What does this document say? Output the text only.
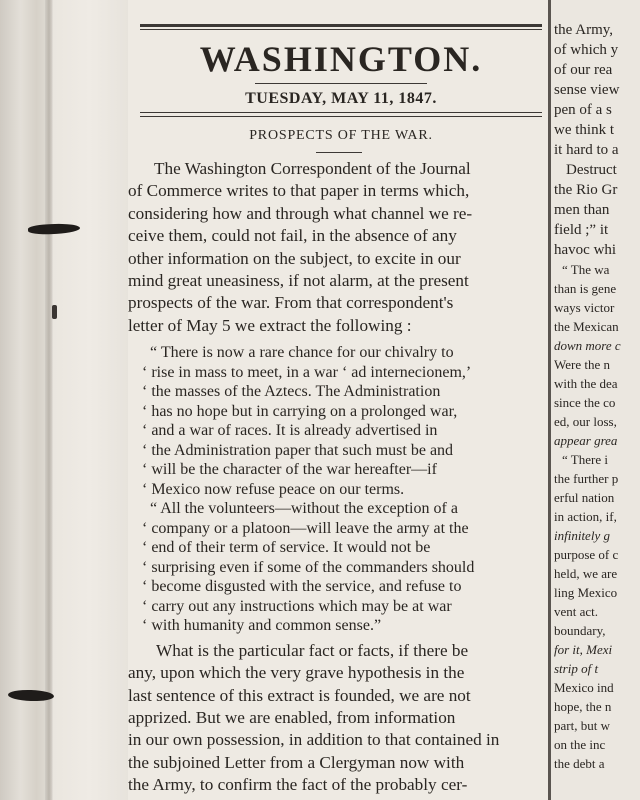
WASHINGTON.
TUESDAY, MAY 11, 1847.
PROSPECTS OF THE WAR.

The Washington Correspondent of the Journal

of Commerce writes to that paper in terms which,

considering how and through what channel we re-

ceive them, could not fail, in the absence of any

other information on the subject, to excite in our

mind great uneasiness, if not alarm, at the present

prospects of the war. From that correspondent's

letter of May 5 we extract the following :

“ There is now a rare chance for our chivalry to

‘ rise in mass to meet, in a war ‘ ad internecionem,’

‘ the masses of the Aztecs. The Administration

‘ has no hope but in carrying on a prolonged war,

‘ and a war of races. It is already advertised in

‘ the Administration paper that such must be and

‘ will be the character of the war hereafter—if

‘ Mexico now refuse peace on our terms.

“ All the volunteers—without the exception of a

‘ company or a platoon—will leave the army at the

‘ end of their term of service. It would not be

‘ surprising even if some of the commanders should

‘ become disgusted with the service, and refuse to

‘ carry out any instructions which may be at war

‘ with humanity and common sense.”

What is the particular fact or facts, if there be

any, upon which the very grave hypothesis in the

last sentence of this extract is founded, we are not

apprized. But we are enabled, from information

in our own possession, in addition to that contained in

the subjoined Letter from a Clergyman now with

the Army, to confirm the fact of the probably cer-

the Army,
of which y
of our rea
sense view
pen of a s
we think t
it hard to a
Destruct
the Rio Gr
men than
field ;” it
havoc whi
“ The wa
than is gene
ways victor
the Mexican
down more c
Were the n
with the dea
since the co
ed, our loss,
appear grea
“ There i
the further p
erful nation
in action, if,
infinitely g
purpose of c
held, we are
ling Mexico
vent act.
boundary,
for it, Mexi
strip of t
Mexico ind
hope, the n
part, but w
on the inc
the debt a
